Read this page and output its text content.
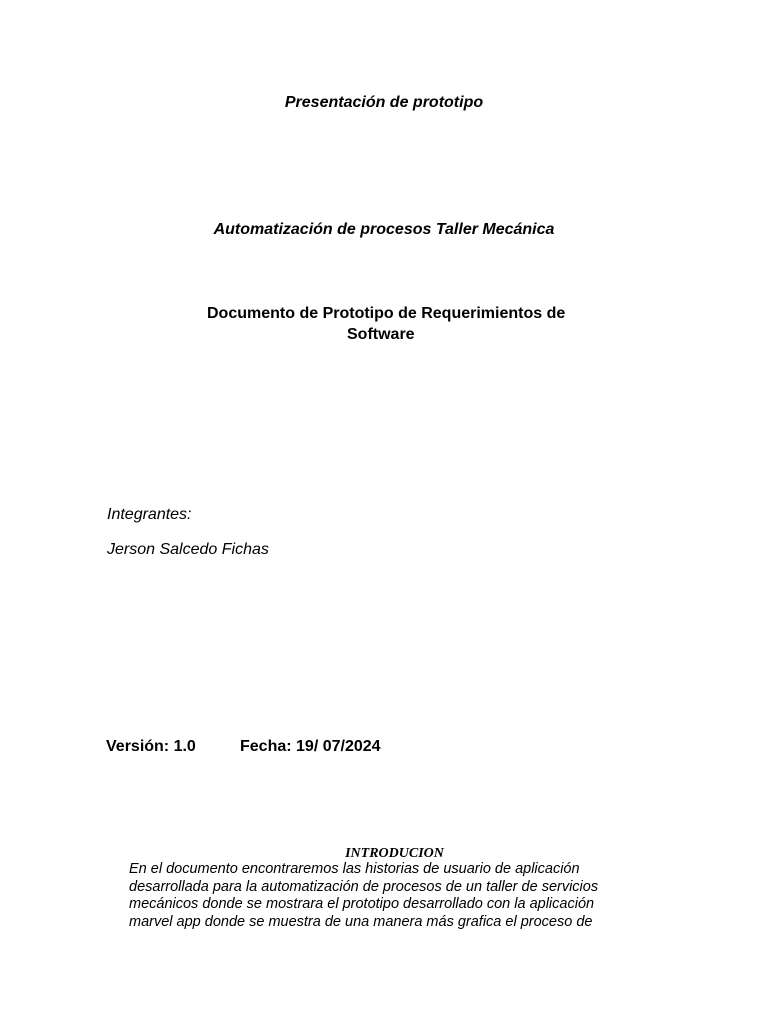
Presentación de prototipo
Automatización de procesos Taller Mecánica
Documento de Prototipo de Requerimientos de
Software
Integrantes:
Jerson Salcedo Fichas
Versión: 1.0	Fecha: 19/ 07/2024
INTRODUCION
En el documento encontraremos las historias de usuario de aplicación
desarrollada para la automatización de procesos de un taller de servicios
mecánicos donde se mostrara el prototipo desarrollado con la aplicación
marvel app donde se muestra de una manera más grafica el proceso de
